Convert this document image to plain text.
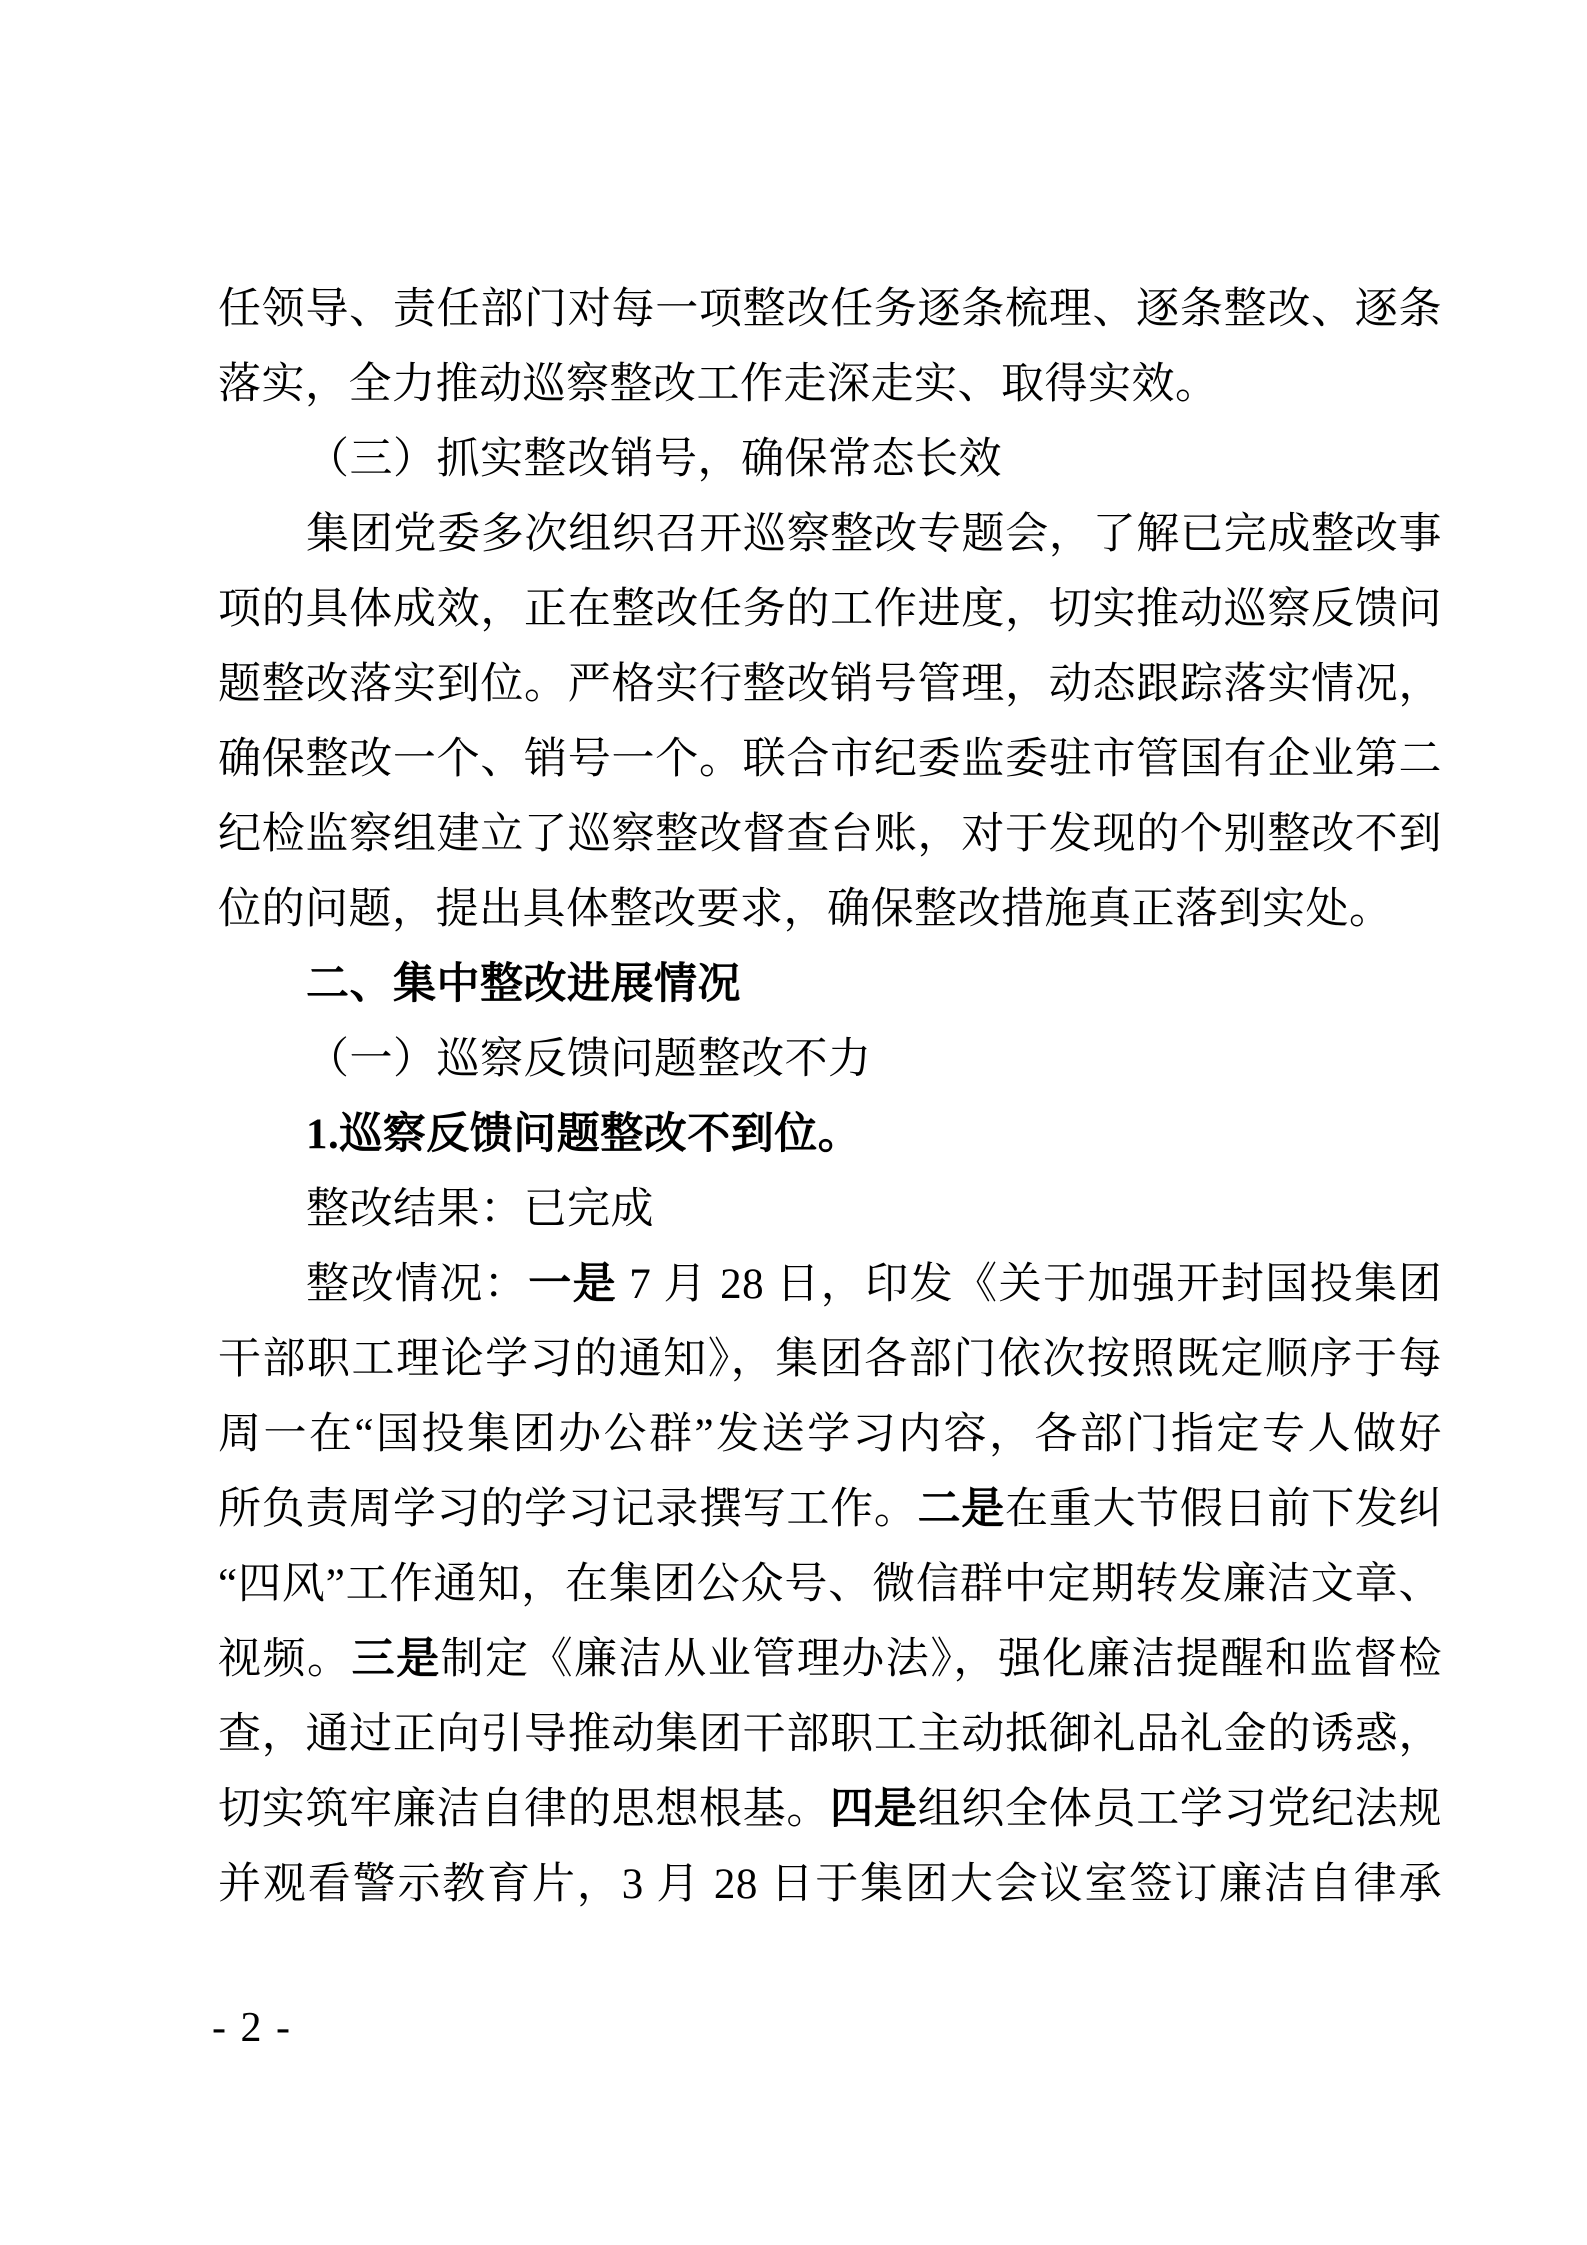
任领导、责任部门对每一项整改任务逐条梳理、逐条整改、逐条
落实，全力推动巡察整改工作走深走实、取得实效。
（三）抓实整改销号，确保常态长效
集团党委多次组织召开巡察整改专题会，了解已完成整改事
项的具体成效，正在整改任务的工作进度，切实推动巡察反馈问
题整改落实到位。严格实行整改销号管理，动态跟踪落实情况，
确保整改一个、销号一个。联合市纪委监委驻市管国有企业第二
纪检监察组建立了巡察整改督查台账，对于发现的个别整改不到
位的问题，提出具体整改要求，确保整改措施真正落到实处。
二、集中整改进展情况
（一）巡察反馈问题整改不力
1.巡察反馈问题整改不到位。
整改结果：已完成
整改情况：一是 7 月 28 日，印发《关于加强开封国投集团
干部职工理论学习的通知》，集团各部门依次按照既定顺序于每
周一在“国投集团办公群”发送学习内容，各部门指定专人做好
所负责周学习的学习记录撰写工作。二是在重大节假日前下发纠
“四风”工作通知，在集团公众号、微信群中定期转发廉洁文章、
视频。三是制定《廉洁从业管理办法》，强化廉洁提醒和监督检
查，通过正向引导推动集团干部职工主动抵御礼品礼金的诱惑，
切实筑牢廉洁自律的思想根基。四是组织全体员工学习党纪法规
并观看警示教育片，3 月 28 日于集团大会议室签订廉洁自律承
- 2 -
